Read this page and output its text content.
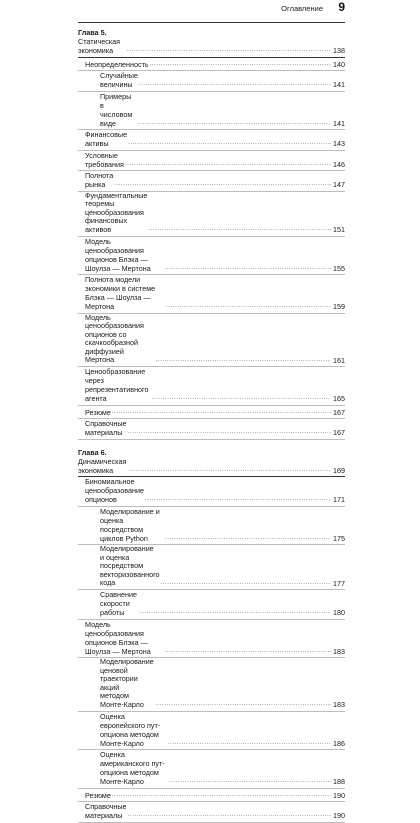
Оглавление 9
Глава 5. Статическая экономика .....	138
Неопределенность .....	140
Случайные величины .....	141
Примеры в числовом виде .....	141
Финансовые активы .....	143
Условные требования .....	146
Полнота рынка .....	147
Фундаментальные теоремы ценообразования
финансовых активов .....	151
Модель ценообразования опционов Блэка — Шоулза — Мертона .....	155
Полнота модели экономики в системе Блэка — Шоулза — Мертона .....	159
Модель ценообразования опционов со скачкообразной
диффузией Мертона .....	161
Ценообразование через репрезентативного агента .....	165
Резюме .....	167
Справочные материалы .....	167
Глава 6. Динамическая экономика .....	169
Биномиальное ценообразование опционов .....	171
Моделирование и оценка посредством циклов Python .....	175
Моделирование и оценка посредством
векторизованного кода .....	177
Сравнение скорости работы .....	180
Модель ценообразования опционов Блэка — Шоулза — Мертона .....	183
Моделирование ценовой траектории акций
методом Монте-Карло .....	183
Оценка европейского пут-опциона методом Монте-Карло .....	186
Оценка американского пут-опциона методом Монте-Карло .....	188
Резюме .....	190
Справочные материалы .....	190
